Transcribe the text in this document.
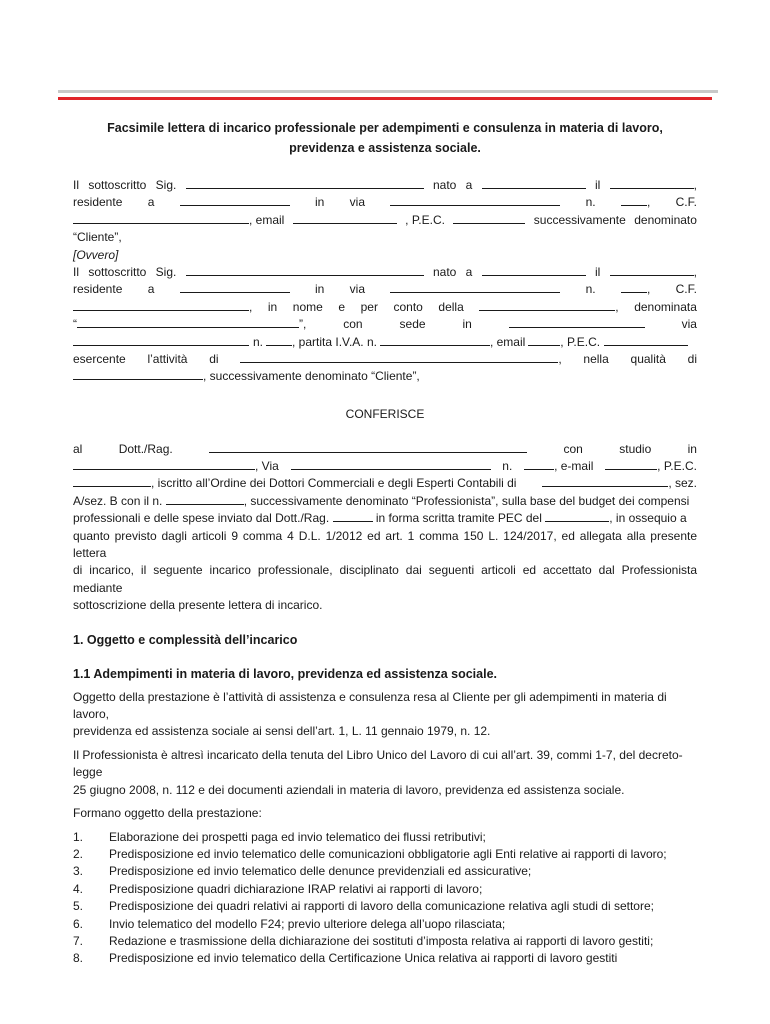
Facsimile lettera di incarico professionale per adempimenti e consulenza in materia di lavoro, previdenza e assistenza sociale.
Il sottoscritto Sig.	nato a	il	,
residente a	in via	n.	, C.F.
, email	, P.E.C.	successivamente denominato
“Cliente”,
[Ovvero]
Il sottoscritto Sig.	nato a	il	,
residente a	in via	n.	, C.F.
, in nome e per conto della	, denominata
“	”,	con	sede	in	via
n. , partita I.V.A. n.	, email	, P.E.C.
esercente l’attività di	, nella qualità di
, successivamente denominato “Cliente”,
CONFERISCE
al	Dott./Rag.	con	studio	in
, Via	n.	, e-mail	, P.E.C.
, iscritto all’Ordine dei Dottori Commerciali e degli Esperti Contabili di	, sez.
A/sez. B con il n.	, successivamente denominato “Professionista”, sulla base del budget dei compensi
professionali e delle spese inviato dal Dott./Rag.	in forma scritta tramite PEC del	, in ossequio a
quanto previsto dagli articoli 9 comma 4 D.L. 1/2012 ed art. 1 comma 150 L. 124/2017, ed allegata alla presente lettera
di incarico, il seguente incarico professionale, disciplinato dai seguenti articoli ed accettato dal Professionista mediante
sottoscrizione della presente lettera di incarico.
1. Oggetto e complessità dell’incarico
1.1 Adempimenti in materia di lavoro, previdenza ed assistenza sociale.
Oggetto della prestazione è l’attività di assistenza e consulenza resa al Cliente per gli adempimenti in materia di lavoro,
previdenza ed assistenza sociale ai sensi dell’art. 1, L. 11 gennaio 1979, n. 12.
Il Professionista è altresì incaricato della tenuta del Libro Unico del Lavoro di cui all’art. 39, commi 1-7, del decreto-legge
25 giugno 2008, n. 112 e dei documenti aziendali in materia di lavoro, previdenza ed assistenza sociale.
Formano oggetto della prestazione:
1.	Elaborazione dei prospetti paga ed invio telematico dei flussi retributivi;
2.	Predisposizione ed invio telematico delle comunicazioni obbligatorie agli Enti relative ai rapporti di lavoro;
3.	Predisposizione ed invio telematico delle denunce previdenziali ed assicurative;
4.	Predisposizione quadri dichiarazione IRAP relativi ai rapporti di lavoro;
5.	Predisposizione dei quadri relativi ai rapporti di lavoro della comunicazione relativa agli studi di settore;
6.	Invio telematico del modello F24; previo ulteriore delega all’uopo rilasciata;
7.	Redazione e trasmissione della dichiarazione dei sostituti d’imposta relativa ai rapporti di lavoro gestiti;
8.	Predisposizione ed invio telematico della Certificazione Unica relativa ai rapporti di lavoro gestiti
